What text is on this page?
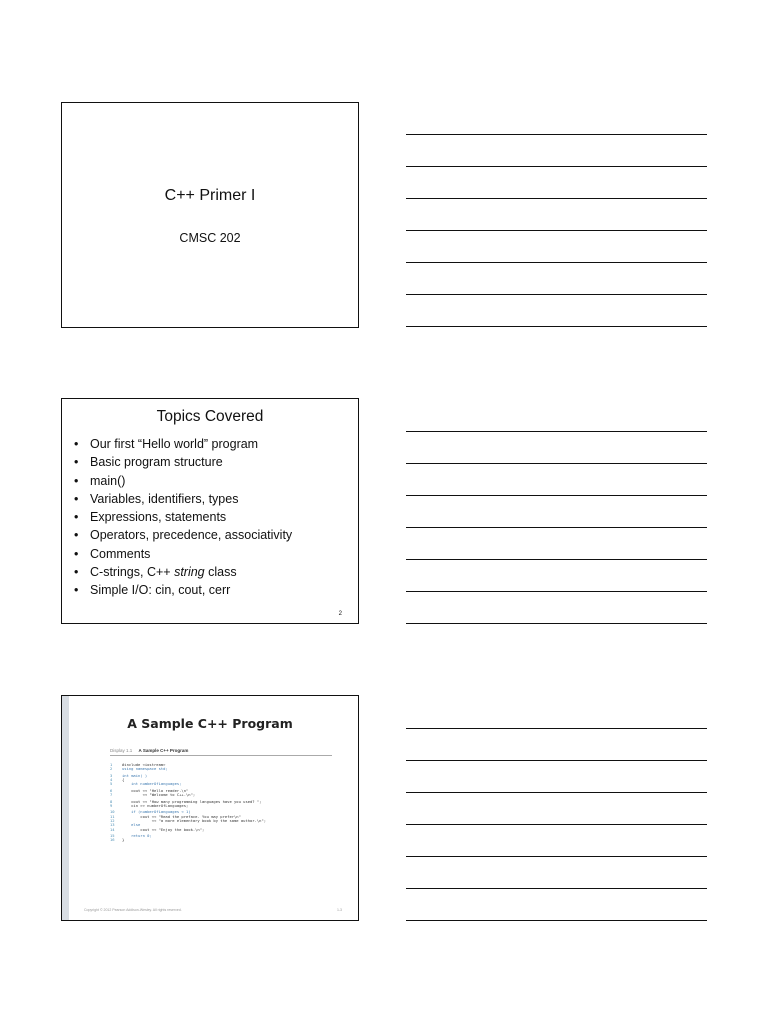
C++ Primer I
CMSC 202
Topics Covered
• Our first “Hello world” program
• Basic program structure
• main()
• Variables, identifiers, types
• Expressions, statements
• Operators, precedence, associativity
• Comments
• C-strings, C++ string class
• Simple I/O: cin, cout, cerr
2
A Sample C++ Program
Display 1.1 A Sample C++ Program
1	#include <iostream>
2	using namespace std;
3	int main( )
4	{
5	int numberOfLanguages;
6	cout << "Hello reader.\n"
7	<< "Welcome to C++.\n";
8	cout << "How many programming languages have you used? ";
9	cin >> numberOfLanguages;
10    if (numberOfLanguages < 1)
11        cout << "Read the preface. You may prefer\n"
12             << "a more elementary book by the same author.\n";
13    else
14        cout << "Enjoy the book.\n";
15    return 0;
16 }
Copyright © 2012 Pearson Addison-Wesley. All rights reserved.	1-3
